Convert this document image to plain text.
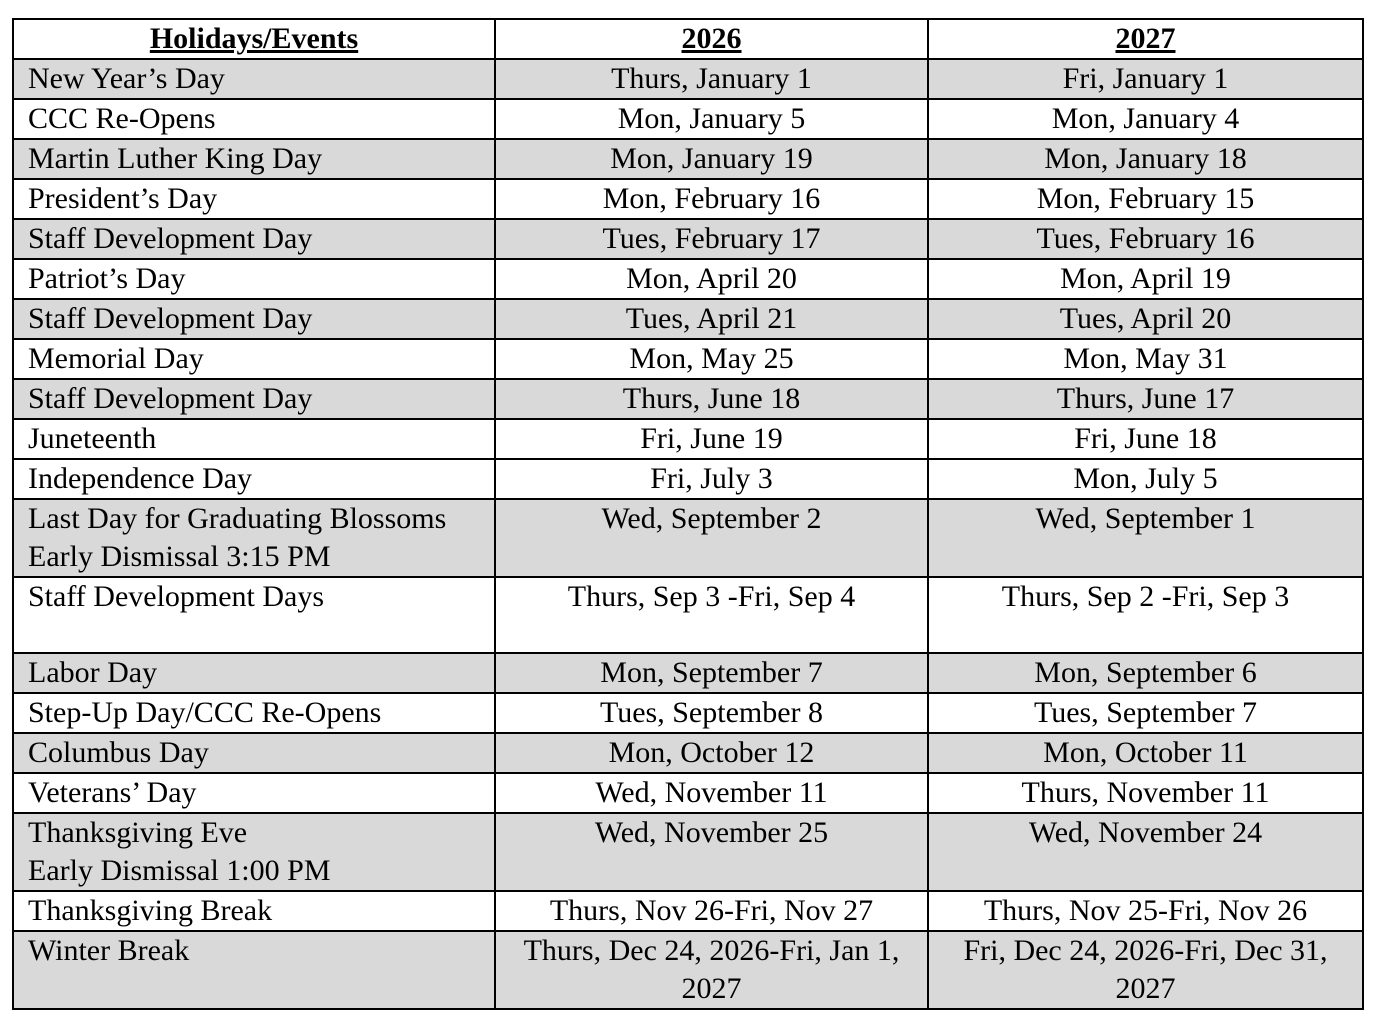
Holidays/Events	2026	2027

New Year’s Day	Thurs, January 1	Fri, January 1

CCC Re-Opens	Mon, January 5	Mon, January 4

Martin Luther King Day	Mon, January 19	Mon, January 18

President’s Day	Mon, February 16	Mon, February 15

Staff Development Day	Tues, February 17	Tues, February 16

Patriot’s Day	Mon, April 20	Mon, April 19

Staff Development Day	Tues, April 21	Tues, April 20

Memorial Day	Mon, May 25	Mon, May 31

Staff Development Day	Thurs, June 18	Thurs, June 17

Juneteenth	Fri, June 19	Fri, June 18

Independence Day	Fri, July 3	Mon, July 5

Last Day for Graduating Blossoms
Early Dismissal 3:15 PM	Wed, September 2	Wed, September 1

Staff Development Days	Thurs, Sep 3 -Fri, Sep 4	Thurs, Sep 2 -Fri, Sep 3

Labor Day	Mon, September 7	Mon, September 6

Step-Up Day/CCC Re-Opens	Tues, September 8	Tues, September 7

Columbus Day	Mon, October 12	Mon, October 11

Veterans’ Day	Wed, November 11	Thurs, November 11

Thanksgiving Eve
Early Dismissal 1:00 PM	Wed, November 25	Wed, November 24

Thanksgiving Break	Thurs, Nov 26-Fri, Nov 27	Thurs, Nov 25-Fri, Nov 26

Winter Break	Thurs, Dec 24, 2026-Fri, Jan 1, 2027	Fri, Dec 24, 2026-Fri, Dec 31, 2027
